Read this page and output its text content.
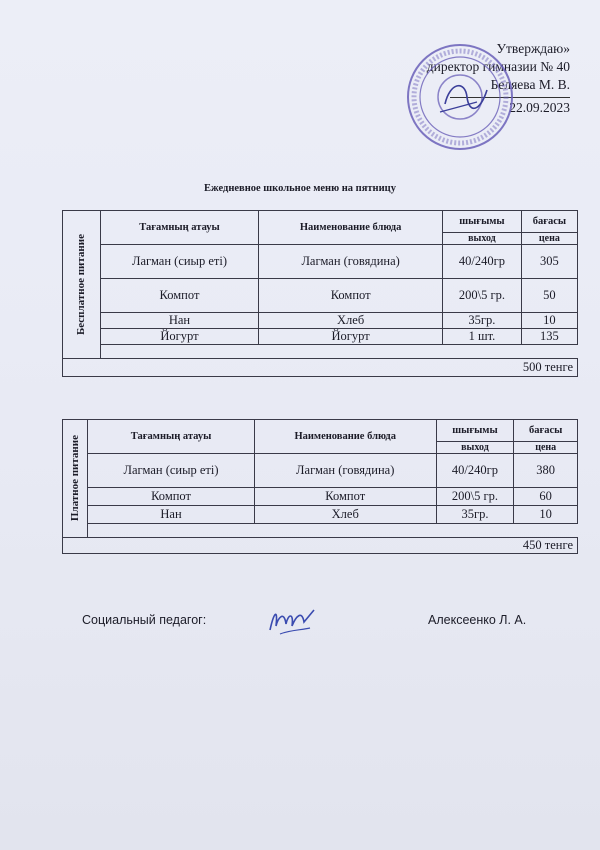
Утверждаю»
директор гимназии № 40
Беляева М. В.
22.09.2023
Ежедневное школьное меню на пятницу
Бесплатное питание	Тағамның атауы	Наименование блюда	шығымы	бағасы
			выход	цена
	Лагман (сиыр еті)	Лагман (говядина)	40/240гр	305
	Компот	Компот	200\5 гр.	50
	Нан	Хлеб	35гр.	10
	Йогурт	Йогурт	1 шт.	135

500 тенге				
Платное питание	Тағамның атауы	Наименование блюда	шығымы	бағасы
			выход	цена
	Лагман (сиыр еті)	Лагман (говядина)	40/240гр	380
	Компот	Компот	200\5 гр.	60
	Нан	Хлеб	35гр.	10

450 тенге				
Социальный педагог:	Алексеенко Л. А.
